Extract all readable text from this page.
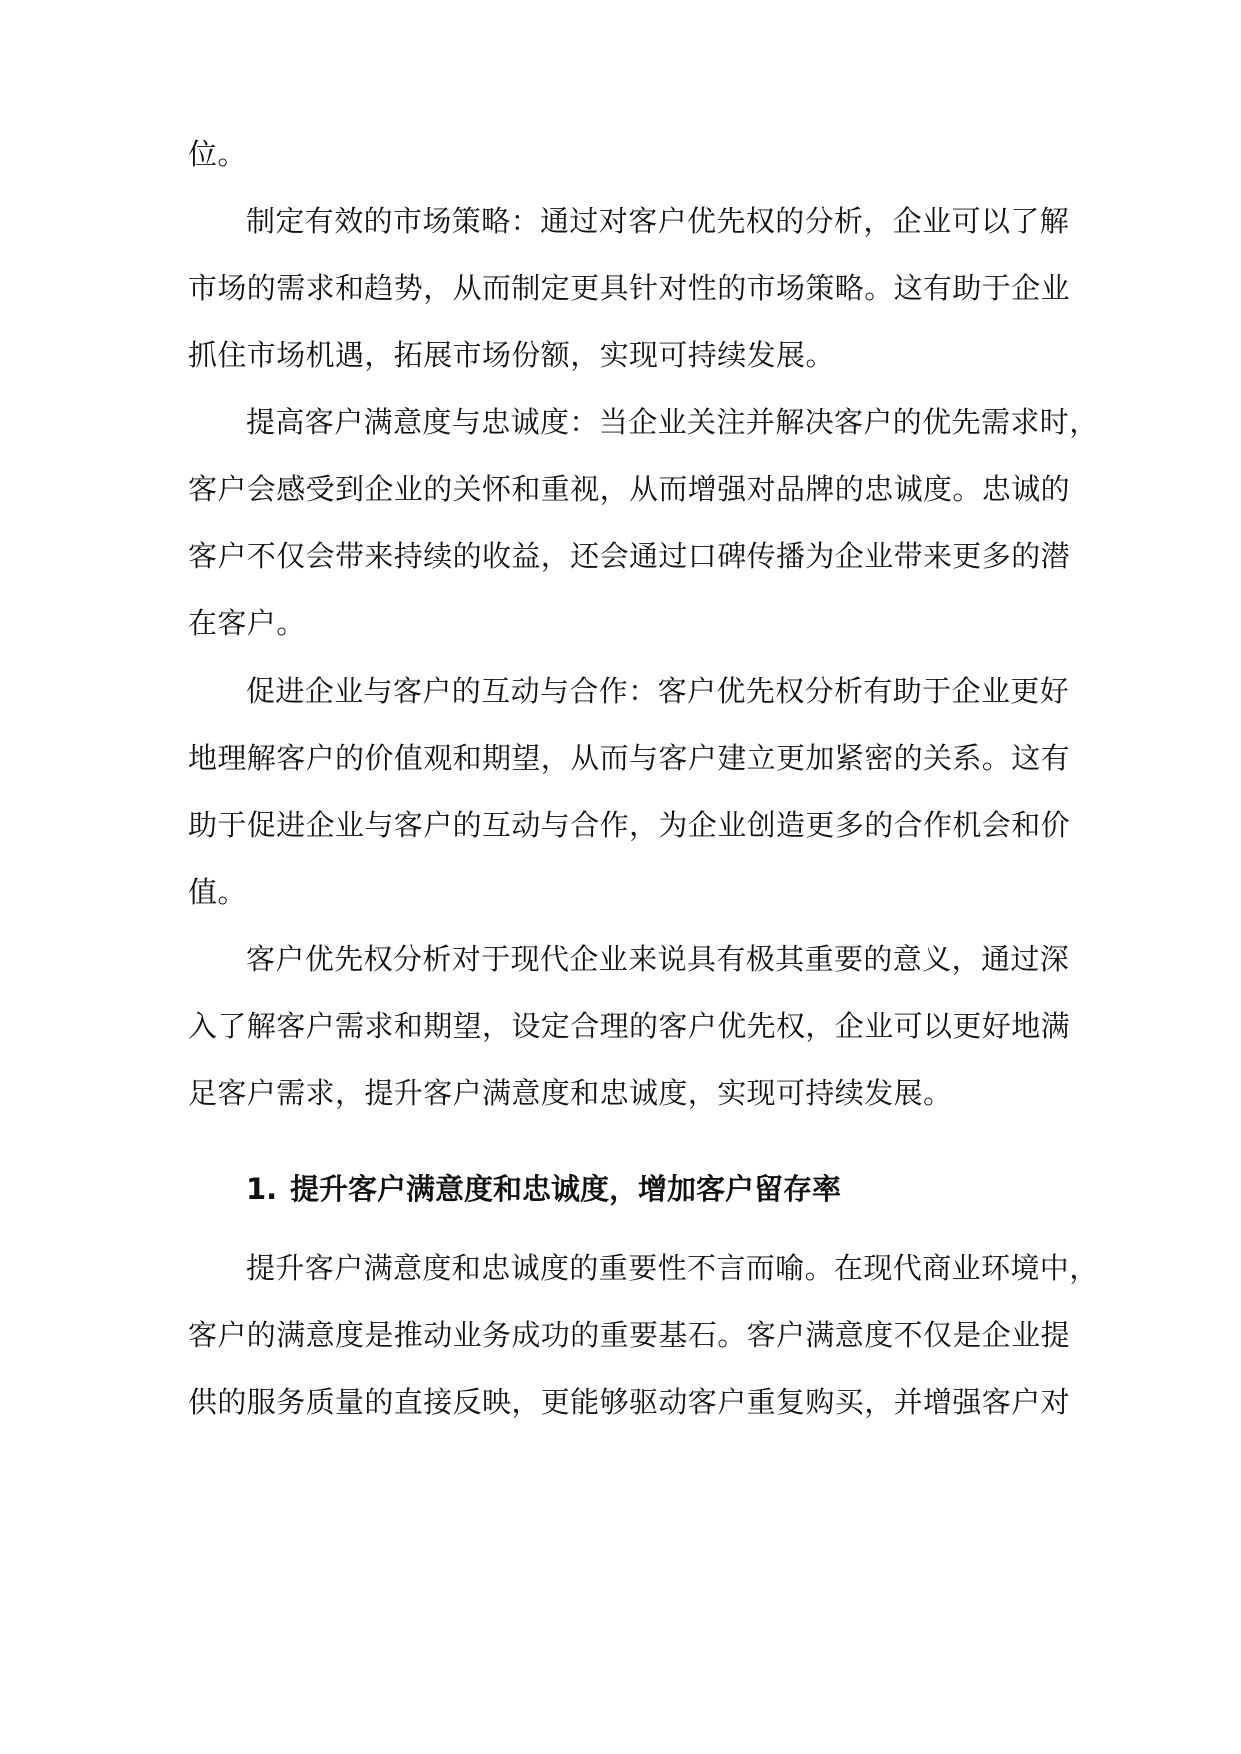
位。
制定有效的市场策略：通过对客户优先权的分析，企业可以了解
市场的需求和趋势，从而制定更具针对性的市场策略。这有助于企业
抓住市场机遇，拓展市场份额，实现可持续发展。
提高客户满意度与忠诚度：当企业关注并解决客户的优先需求时，
客户会感受到企业的关怀和重视，从而增强对品牌的忠诚度。忠诚的
客户不仅会带来持续的收益，还会通过口碑传播为企业带来更多的潜
在客户。
促进企业与客户的互动与合作：客户优先权分析有助于企业更好
地理解客户的价值观和期望，从而与客户建立更加紧密的关系。这有
助于促进企业与客户的互动与合作，为企业创造更多的合作机会和价
值。
客户优先权分析对于现代企业来说具有极其重要的意义，通过深
入了解客户需求和期望，设定合理的客户优先权，企业可以更好地满
足客户需求，提升客户满意度和忠诚度，实现可持续发展。
1. 提升客户满意度和忠诚度，增加客户留存率
提升客户满意度和忠诚度的重要性不言而喻。在现代商业环境中，
客户的满意度是推动业务成功的重要基石。客户满意度不仅是企业提
供的服务质量的直接反映，更能够驱动客户重复购买，并增强客户对
